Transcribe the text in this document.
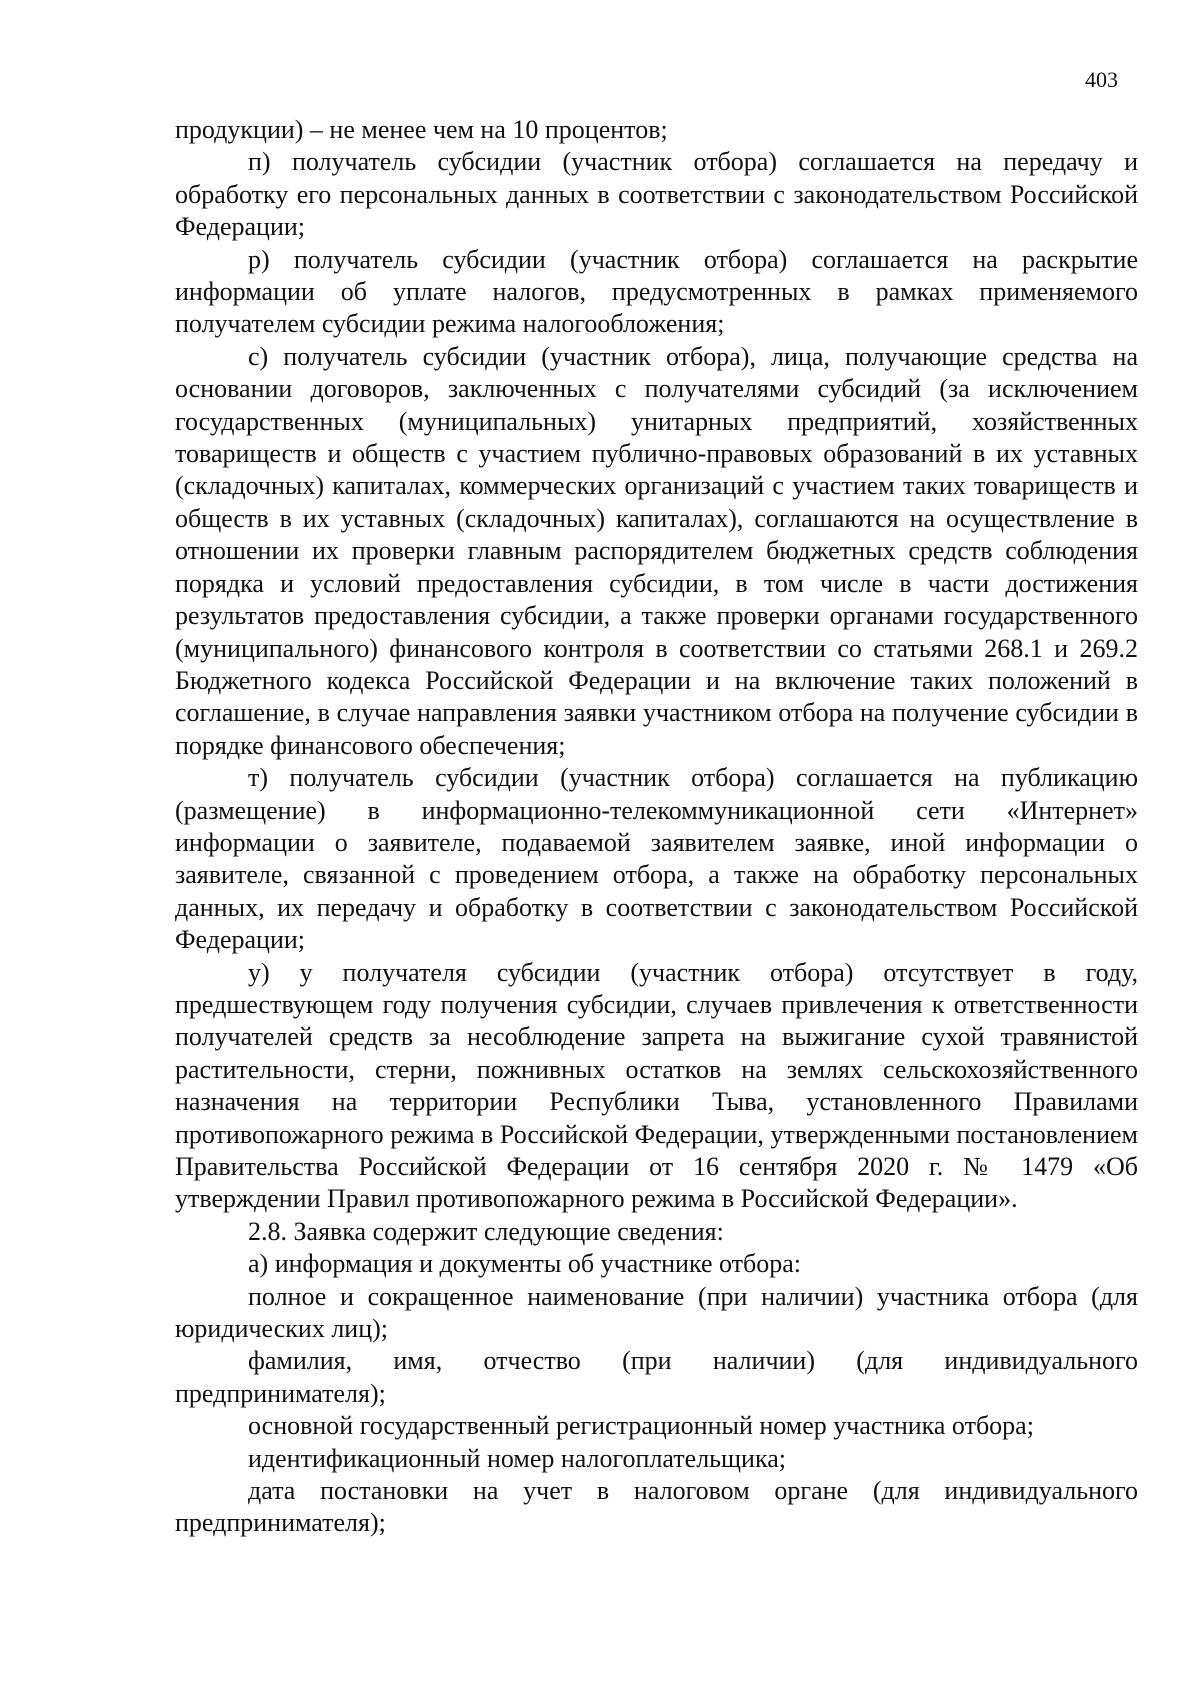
403

продукции) – не менее чем на 10 процентов;

п) получатель субсидии (участник отбора) соглашается на передачу и обработку его персональных данных в соответствии с законодательством Российской Федерации;

р) получатель субсидии (участник отбора) соглашается на раскрытие информации об уплате налогов, предусмотренных в рамках применяемого получателем субсидии режима налогообложения;

с) получатель субсидии (участник отбора), лица, получающие средства на основании договоров, заключенных с получателями субсидий (за исключением государственных (муниципальных) унитарных предприятий, хозяйственных товариществ и обществ с участием публично-правовых образований в их уставных (складочных) капиталах, коммерческих организаций с участием таких товариществ и обществ в их уставных (складочных) капиталах), соглашаются на осуществление в отношении их проверки главным распорядителем бюджетных средств соблюдения порядка и условий предоставления субсидии, в том числе в части достижения результатов предоставления субсидии, а также проверки органами государственного (муниципального) финансового контроля в соответствии со статьями 268.1 и 269.2 Бюджетного кодекса Российской Федерации и на включение таких положений в соглашение, в случае направления заявки участником отбора на получение субсидии в порядке финансового обеспечения;

т) получатель субсидии (участник отбора) соглашается на публикацию (размещение) в информационно-телекоммуникационной сети «Интернет» информации о заявителе, подаваемой заявителем заявке, иной информации о заявителе, связанной с проведением отбора, а также на обработку персональных данных, их передачу и обработку в соответствии с законодательством Российской Федерации;

у) у получателя субсидии (участник отбора) отсутствует в году, предшествующем году получения субсидии, случаев привлечения к ответственности получателей средств за несоблюдение запрета на выжигание сухой травянистой растительности, стерни, пожнивных остатков на землях сельскохозяйственного назначения на территории Республики Тыва, установленного Правилами противопожарного режима в Российской Федерации, утвержденными постановлением Правительства Российской Федерации от 16 сентября 2020 г. № 1479 «Об утверждении Правил противопожарного режима в Российской Федерации».

2.8. Заявка содержит следующие сведения:

а) информация и документы об участнике отбора:

полное и сокращенное наименование (при наличии) участника отбора (для юридических лиц);

фамилия, имя, отчество (при наличии) (для индивидуального предпринимателя);

основной государственный регистрационный номер участника отбора;

идентификационный номер налогоплательщика;

дата постановки на учет в налоговом органе (для индивидуального предпринимателя);
